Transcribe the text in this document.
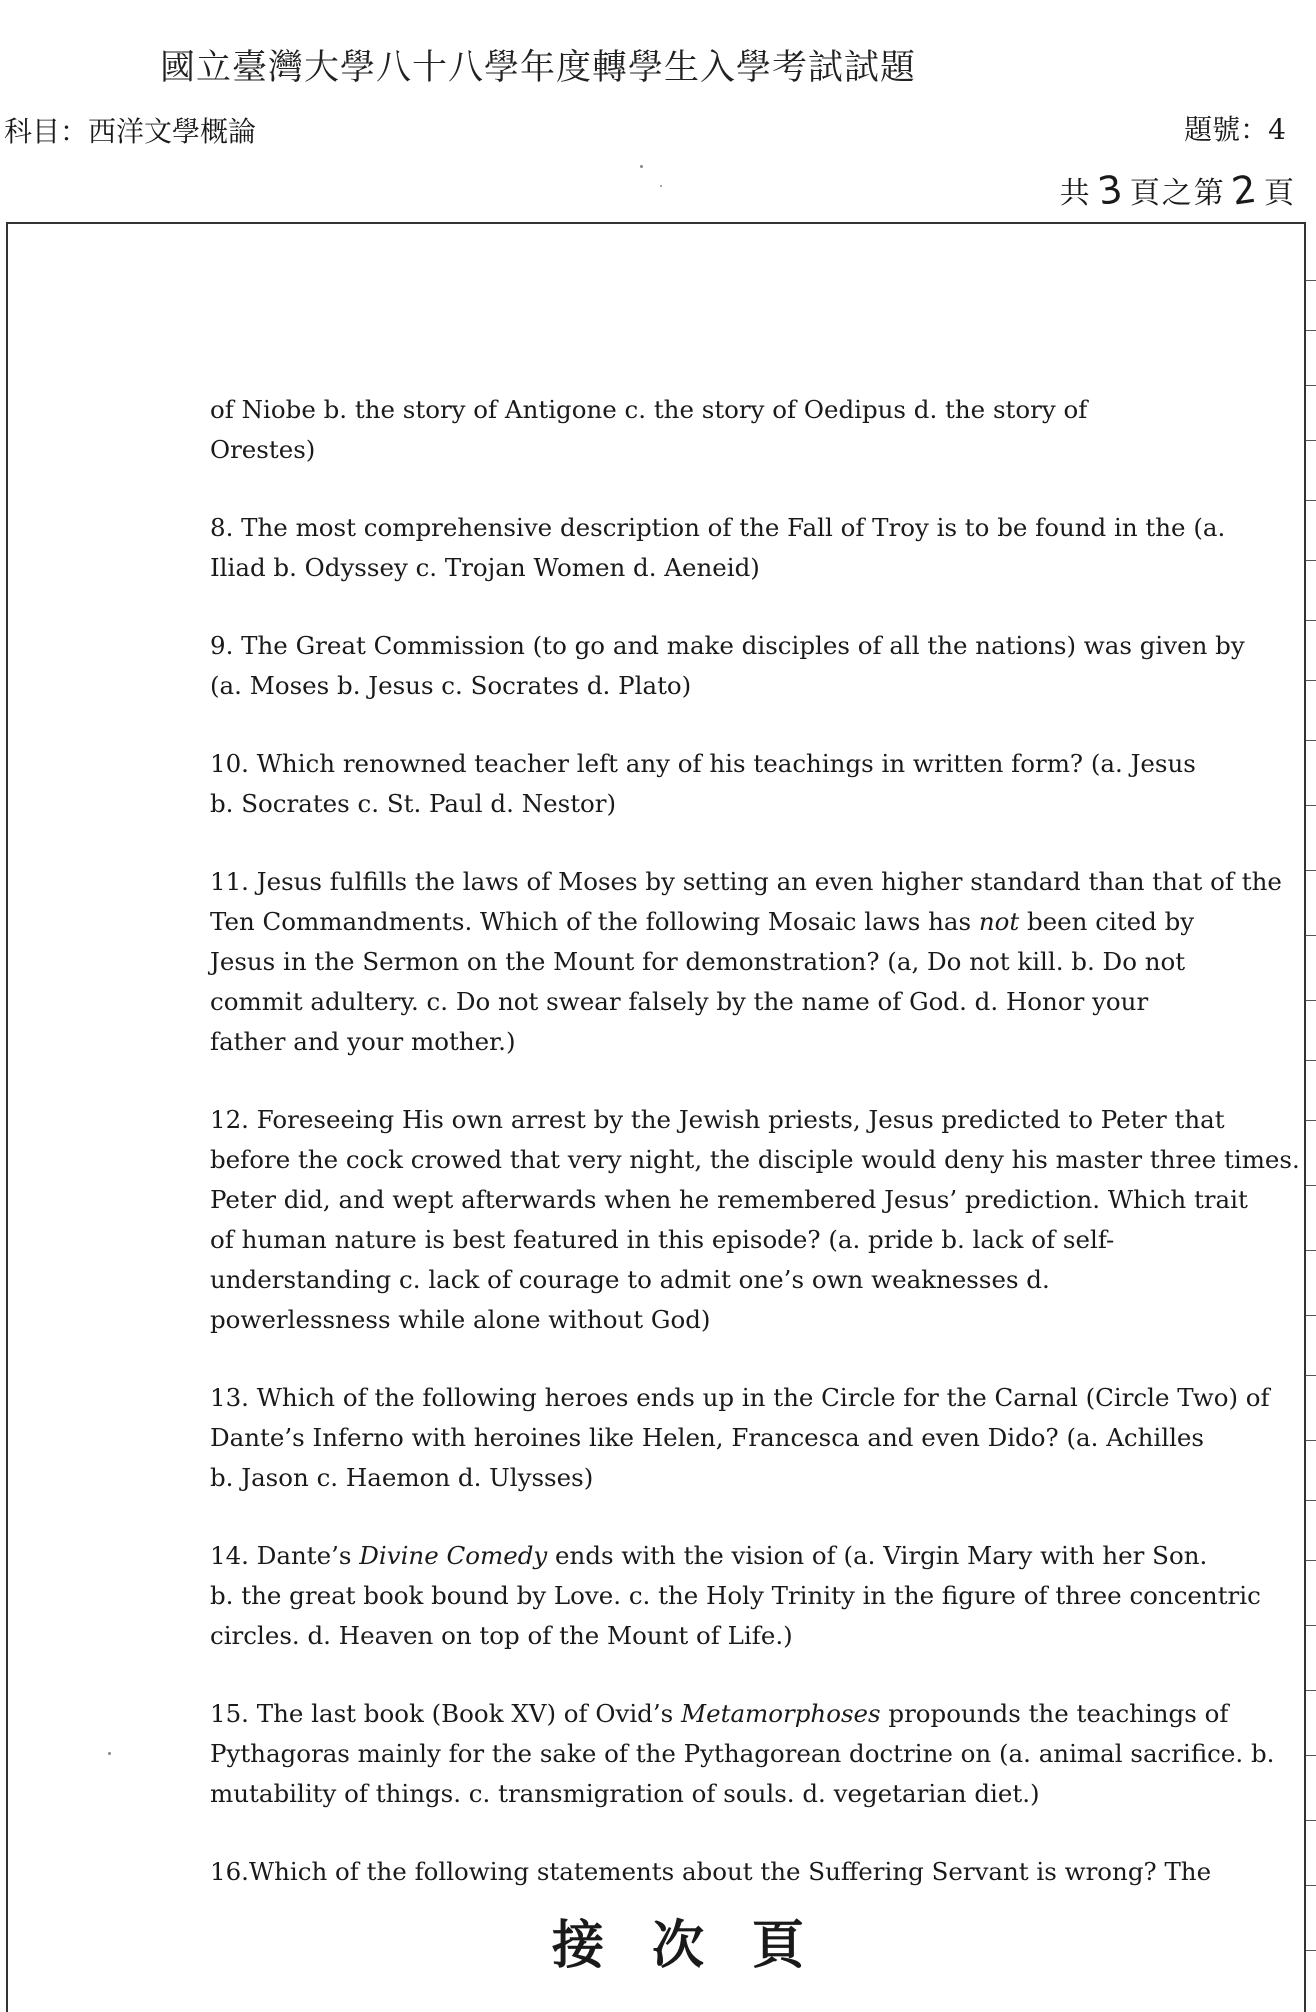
國立臺灣大學八十八學年度轉學生入學考試試題
科目：西洋文學概論	題號：4
共3 頁之第2 頁
of Niobe b. the story of Antigone c. the story of Oedipus d. the story of
Orestes)
8. The most comprehensive description of the Fall of Troy is to be found in the (a.
Iliad b. Odyssey c. Trojan Women d. Aeneid)
9. The Great Commission (to go and make disciples of all the nations) was given by
(a. Moses b. Jesus c. Socrates d. Plato)
10. Which renowned teacher left any of his teachings in written form? (a. Jesus
b. Socrates c. St. Paul d. Nestor)
11. Jesus fulfills the laws of Moses by setting an even higher standard than that of the
Ten Commandments. Which of the following Mosaic laws has not been cited by
Jesus in the Sermon on the Mount for demonstration? (a, Do not kill. b. Do not
commit adultery. c. Do not swear falsely by the name of God. d. Honor your
father and your mother.)
12. Foreseeing His own arrest by the Jewish priests, Jesus predicted to Peter that
before the cock crowed that very night, the disciple would deny his master three times.
Peter did, and wept afterwards when he remembered Jesus’ prediction. Which trait
of human nature is best featured in this episode? (a. pride b. lack of self-
understanding c. lack of courage to admit one’s own weaknesses d.
powerlessness while alone without God)
13. Which of the following heroes ends up in the Circle for the Carnal (Circle Two) of
Dante’s Inferno with heroines like Helen, Francesca and even Dido? (a. Achilles
b. Jason c. Haemon d. Ulysses)
14. Dante’s Divine Comedy ends with the vision of (a. Virgin Mary with her Son.
b. the great book bound by Love. c. the Holy Trinity in the figure of three concentric
circles. d. Heaven on top of the Mount of Life.)
15. The last book (Book XV) of Ovid’s Metamorphoses propounds the teachings of
Pythagoras mainly for the sake of the Pythagorean doctrine on (a. animal sacrifice. b.
mutability of things. c. transmigration of souls. d. vegetarian diet.)
16.Which of the following statements about the Suffering Servant is wrong? The
接次頁
